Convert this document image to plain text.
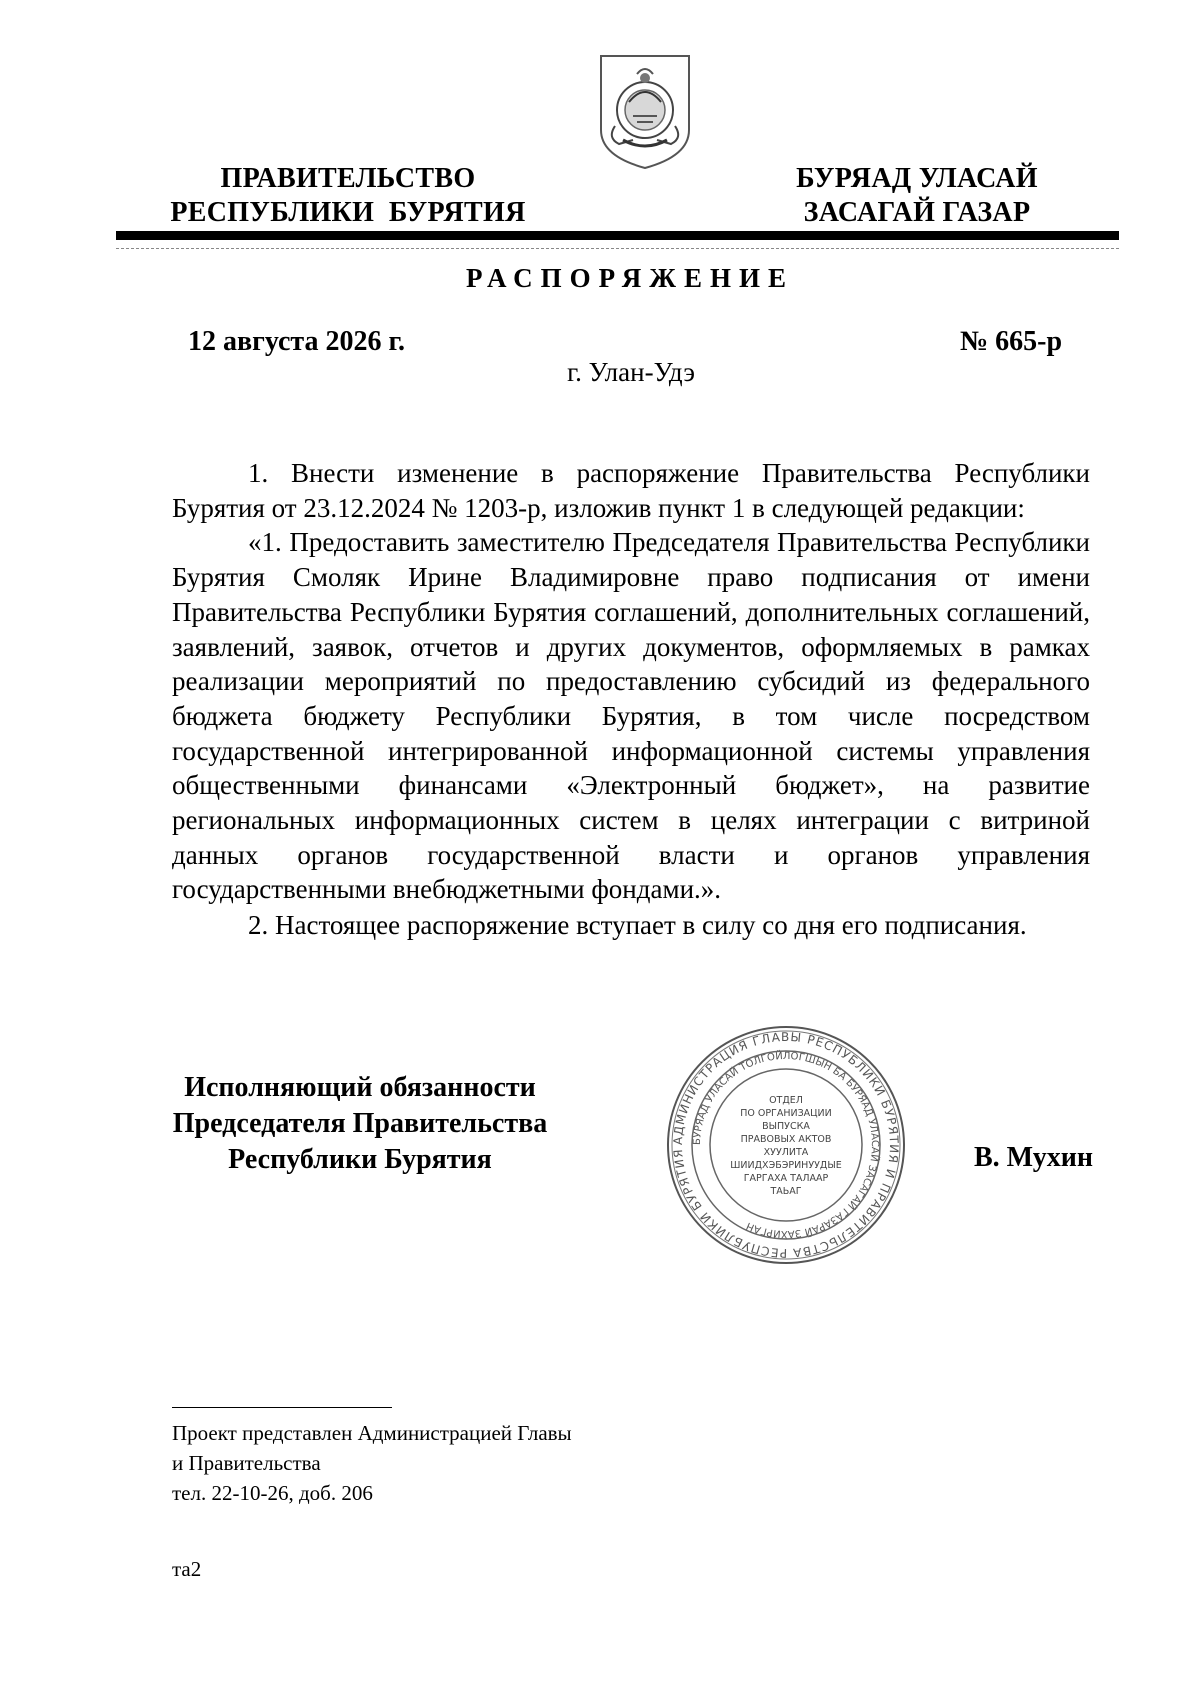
ПРАВИТЕЛЬСТВО
РЕСПУБЛИКИ  БУРЯТИЯ
БУРЯАД УЛАСАЙ
ЗАСАГАЙ ГАЗАР
РАСПОРЯЖЕНИЕ
12 августа 2026 г.	№ 665-р
г. Улан-Удэ

1. Внести изменение в распоряжение Правительства Республики Бурятия от 23.12.2024 № 1203-р, изложив пункт 1 в следующей редакции:

«1. Предоставить заместителю Председателя Правительства Республики Бурятия Смоляк Ирине Владимировне право подписания от имени Правительства Республики Бурятия соглашений, дополнительных соглашений, заявлений, заявок, отчетов и других документов, оформляемых в рамках реализации мероприятий по предоставлению субсидий из федерального бюджета бюджету Республики Бурятия, в том числе посредством государственной интегрированной информационной системы управления общественными финансами «Электронный бюджет», на развитие региональных информационных систем в целях интеграции с витриной данных органов государственной власти и органов управления государственными внебюджетными фондами.».

2. Настоящее распоряжение вступает в силу со дня его подписания.

Исполняющий обязанности
Председателя Правительства
Республики Бурятия
АДМИНИСТРАЦИЯ ГЛАВЫ РЕСПУБЛИКИ БУРЯТИЯ И ПРАВИТЕЛЬСТВА РЕСПУБЛИКИ БУРЯТИЯ
БУРЯАД УЛАСАЙ ТОЛГОЙЛОГШЫН БА БУРЯАД УЛАСАЙ ЗАСАГАЙ ГАЗАРАЙ ЗАХИРГАН
ОТДЕЛ
ПО ОРГАНИЗАЦИИ
ВЫПУСКА
ПРАВОВЫХ АКТОВ
ХУУЛИТА
ШИИДХЭБЭРИНУУДЫЕ
ГАРГАХА ТАЛААР
ТАЬАГ
В. Мухин
Проект представлен Администрацией Главы
и Правительства
тел. 22-10-26, доб. 206
та2
